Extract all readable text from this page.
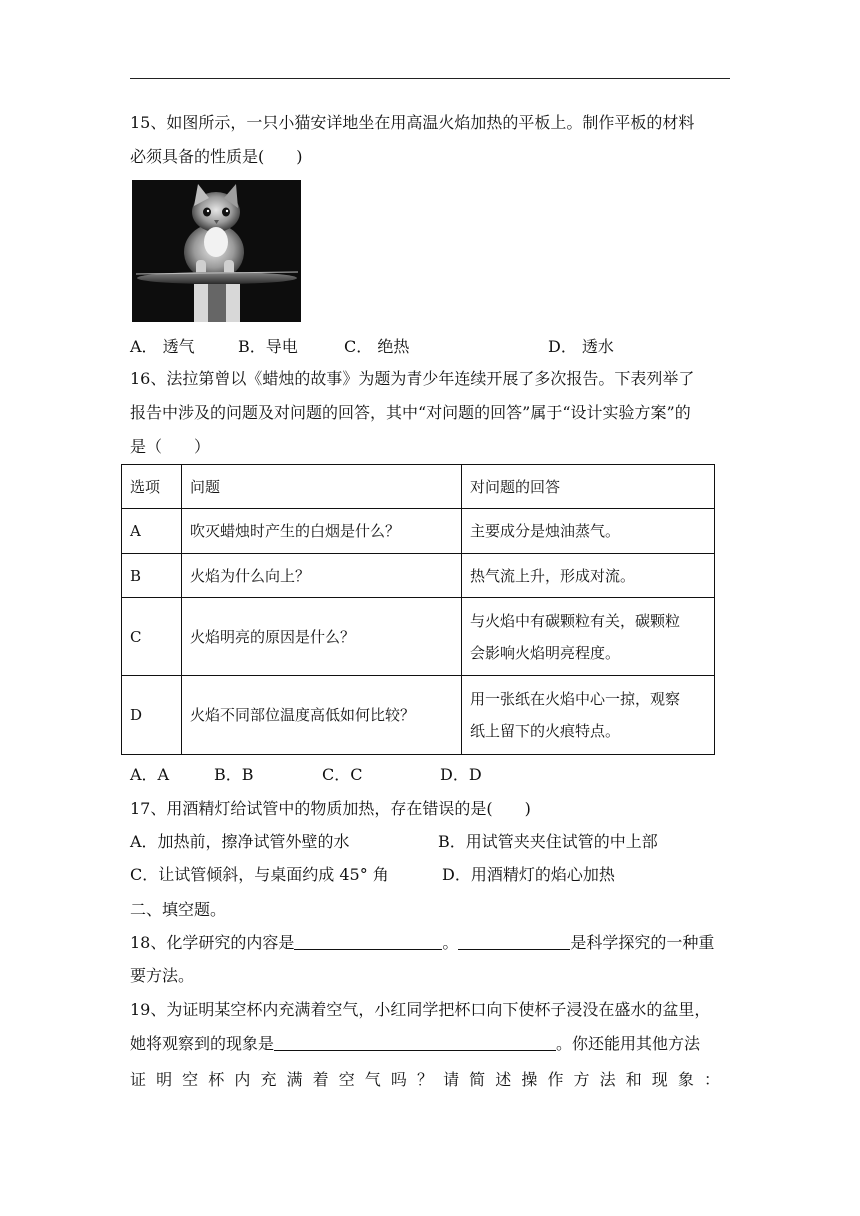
15、如图所示，一只小猫安详地坐在用高温火焰加热的平板上。制作平板的材料
必须具备的性质是(　　)
A． 透气	B．导电	C． 绝热	D． 透水
16、法拉第曾以《蜡烛的故事》为题为青少年连续开展了多次报告。下表列举了
报告中涉及的问题及对问题的回答，其中“对问题的回答”属于“设计实验方案”的
是（　　）
选项	问题	对问题的回答
A	吹灭蜡烛时产生的白烟是什么？	主要成分是烛油蒸气。
B	火焰为什么向上？	热气流上升，形成对流。
C	火焰明亮的原因是什么？	与火焰中有碳颗粒有关，碳颗粒
会影响火焰明亮程度。

D	火焰不同部位温度高低如何比较？	用一张纸在火焰中心一掠，观察
纸上留下的火痕特点。
A．A	B．B	C．C	D．D
17、用酒精灯给试管中的物质加热，存在错误的是(　　)
A．加热前，擦净试管外壁的水	B．用试管夹夹住试管的中上部
C．让试管倾斜，与桌面约成 45° 角	D．用酒精灯的焰心加热
二、填空题。
18、化学研究的内容是	。	是科学探究的一种重
要方法。
19、为证明某空杯内充满着空气，小红同学把杯口向下使杯子浸没在盛水的盆里，
她将观察到的现象是	。你还能用其他方法
证明空杯内充满着空气吗？请简述操作方法和现象：
